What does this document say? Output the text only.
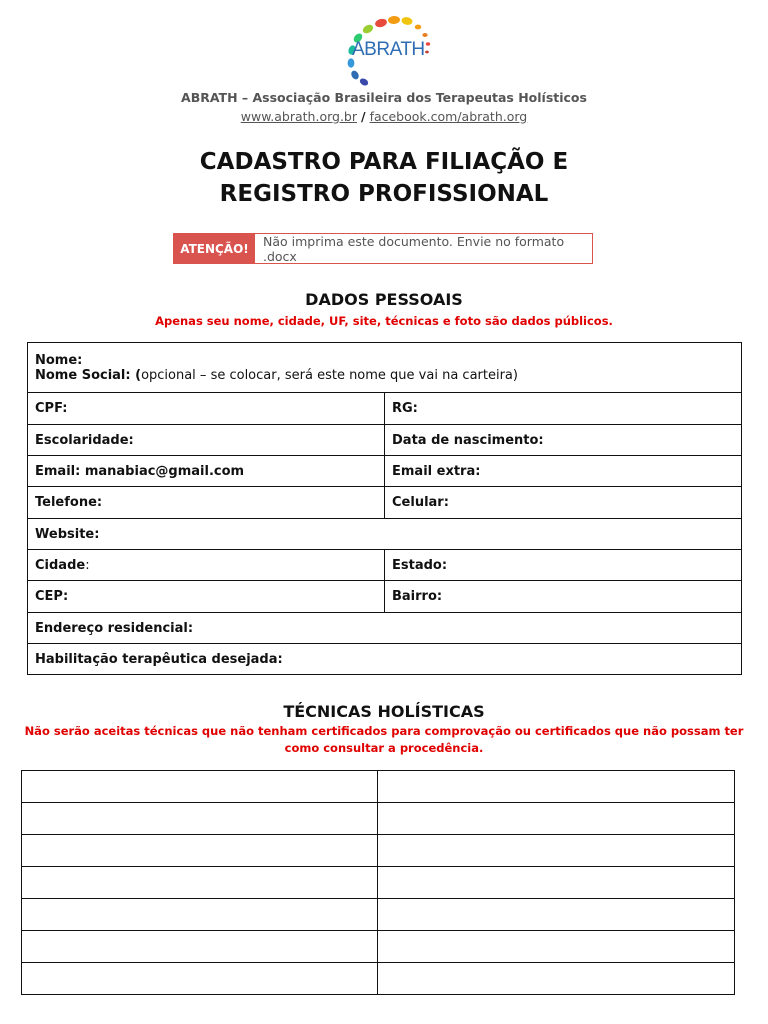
ABRATH
ABRATH – Associação Brasileira dos Terapeutas Holísticos
www.abrath.org.br / facebook.com/abrath.org
CADASTRO PARA FILIAÇÃO E
REGISTRO PROFISSIONAL
ATENÇÃO!	Não imprima este documento. Envie no formato .docx
DADOS PESSOAIS
Apenas seu nome, cidade, UF, site, técnicas e foto são dados públicos.
Nome:
Nome Social: (opcional – se colocar, será este nome que vai na carteira)	

CPF:	RG:
Escolaridade:	Data de nascimento:
Email: manabiac@gmail.com	Email extra:
Telefone:	Celular:
Website:	
Cidade:	Estado:
CEP:	Bairro:
Endereço residencial:	
Habilitação terapêutica desejada:	
TÉCNICAS HOLÍSTICAS
Não serão aceitas técnicas que não tenham certificados para comprovação ou certificados que não possam ter
como consultar a procedência.
